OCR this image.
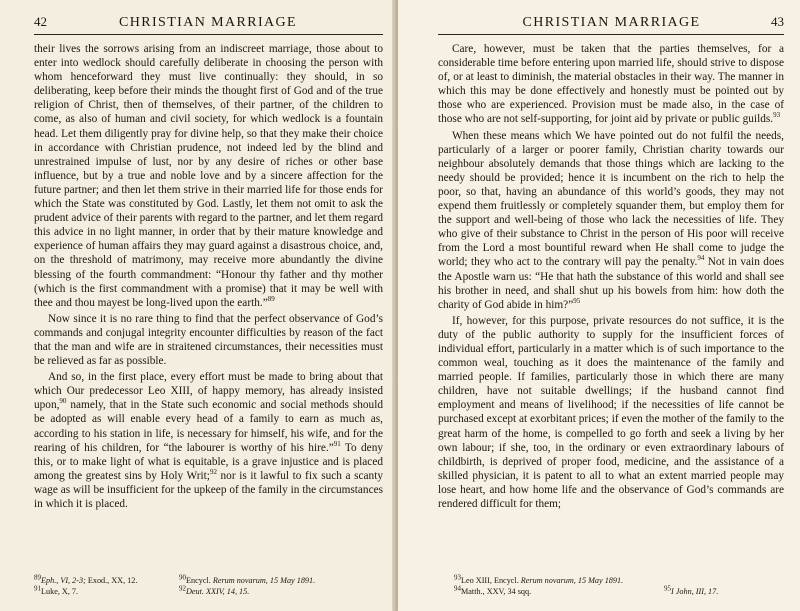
42	CHRISTIAN MARRIAGE

their lives the sorrows arising from an indiscreet marriage, those about to enter into wedlock should carefully deliberate in choosing the person with whom henceforward they must live continually: they should, in so deliberating, keep before their minds the thought first of God and of the true religion of Christ, then of themselves, of their partner, of the children to come, as also of human and civil society, for which wedlock is a fountain head. Let them diligently pray for divine help, so that they make their choice in accordance with Christian prudence, not indeed led by the blind and unrestrained impulse of lust, nor by any desire of riches or other base influence, but by a true and noble love and by a sincere affection for the future partner; and then let them strive in their married life for those ends for which the State was constituted by God. Lastly, let them not omit to ask the prudent advice of their parents with regard to the partner, and let them regard this advice in no light manner, in order that by their mature knowledge and experience of human affairs they may guard against a disastrous choice, and, on the threshold of matrimony, may receive more abundantly the divine blessing of the fourth commandment: “Honour thy father and thy mother (which is the first commandment with a promise) that it may be well with thee and thou mayest be long-lived upon the earth.”$^{89}$

Now since it is no rare thing to find that the perfect observance of God’s commands and conjugal integrity encounter difficulties by reason of the fact that the man and wife are in straitened circumstances, their necessities must be relieved as far as possible.

And so, in the first place, every effort must be made to bring about that which Our predecessor Leo XIII, of happy memory, has already insisted upon,$^{90}$ namely, that in the State such economic and social methods should be adopted as will enable every head of a family to earn as much as, according to his station in life, is necessary for himself, his wife, and for the rearing of his children, for “the labourer is worthy of his hire.”$^{91}$ To deny this, or to make light of what is equitable, is a grave injustice and is placed among the greatest sins by Holy Writ;$^{92}$ nor is it lawful to fix such a scanty wage as will be insufficient for the upkeep of the family in the circumstances in which it is placed.

$^{89}$Eph., VI, 2-3; Exod., XX, 12.	$^{90}$Encycl. Rerum novarum, 15 May 1891.
$^{91}$Luke, X, 7.	$^{92}$Deut. XXIV, 14, 15.
CHRISTIAN MARRIAGE	43

Care, however, must be taken that the parties themselves, for a considerable time before entering upon married life, should strive to dispose of, or at least to diminish, the material obstacles in their way. The manner in which this may be done effectively and honestly must be pointed out by those who are experienced. Provision must be made also, in the case of those who are not self-supporting, for joint aid by private or public guilds.$^{93}$

When these means which We have pointed out do not fulfil the needs, particularly of a larger or poorer family, Christian charity towards our neighbour absolutely demands that those things which are lacking to the needy should be provided; hence it is incumbent on the rich to help the poor, so that, having an abundance of this world’s goods, they may not expend them fruitlessly or completely squander them, but employ them for the support and well-being of those who lack the necessities of life. They who give of their substance to Christ in the person of His poor will receive from the Lord a most bountiful reward when He shall come to judge the world; they who act to the contrary will pay the penalty.$^{94}$ Not in vain does the Apostle warn us: “He that hath the substance of this world and shall see his brother in need, and shall shut up his bowels from him: how doth the charity of God abide in him?”$^{95}$

If, however, for this purpose, private resources do not suffice, it is the duty of the public authority to supply for the insufficient forces of individual effort, particularly in a matter which is of such importance to the common weal, touching as it does the maintenance of the family and married people. If families, particularly those in which there are many children, have not suitable dwellings; if the husband cannot find employment and means of livelihood; if the necessities of life cannot be purchased except at exorbitant prices; if even the mother of the family to the great harm of the home, is compelled to go forth and seek a living by her own labour; if she, too, in the ordinary or even extraordinary labours of childbirth, is deprived of proper food, medicine, and the assistance of a skilled physician, it is patent to all to what an extent married people may lose heart, and how home life and the observance of God’s commands are rendered difficult for them;

$^{93}$Leo XIII, Encycl. Rerum novarum, 15 May 1891.
$^{94}$Matth., XXV, 34 sqq.	$^{95}$I John, III, 17.
